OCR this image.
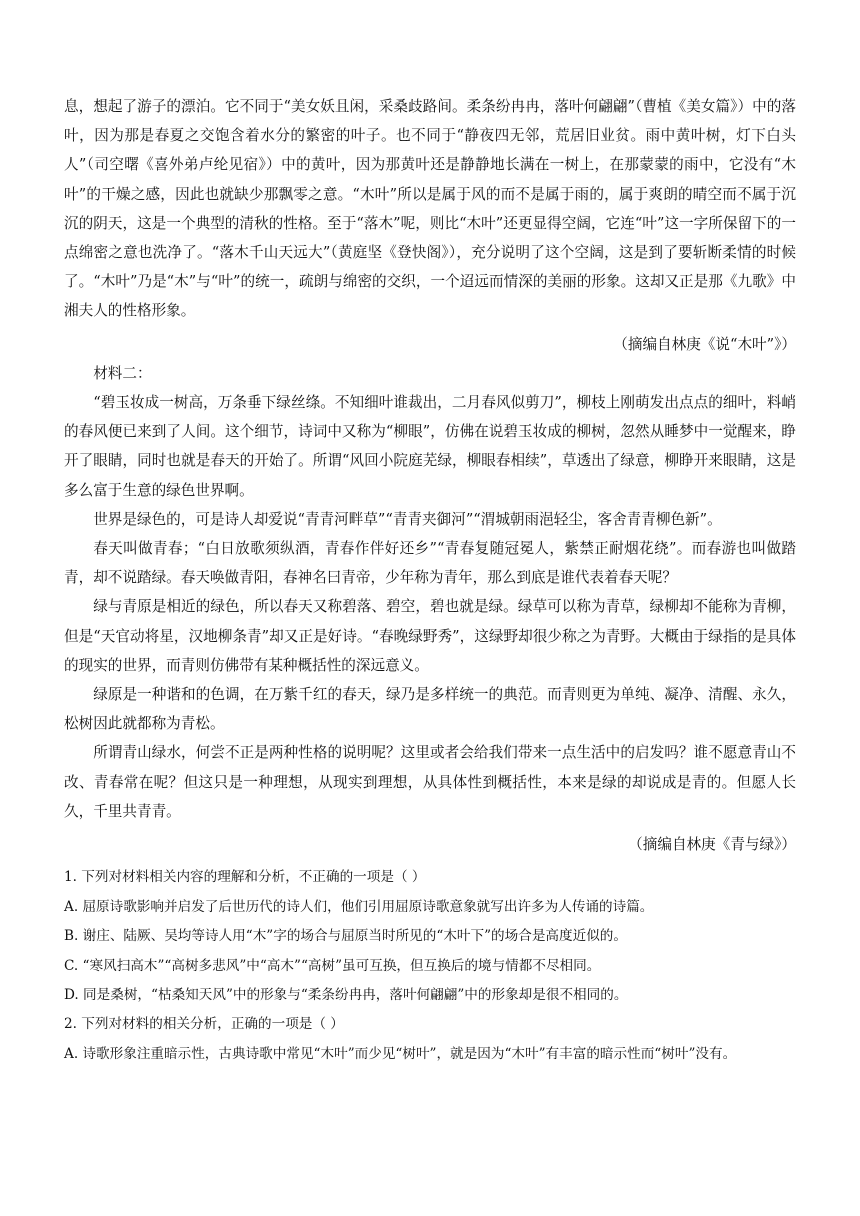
息，想起了游子的漂泊。它不同于“美女妖且闲，采桑歧路间。柔条纷冉冉，落叶何翩翩”（曹植《美女篇》）中的落叶，因为那是春夏之交饱含着水分的繁密的叶子。也不同于“静夜四无邻，荒居旧业贫。雨中黄叶树，灯下白头人”（司空曙《喜外弟卢纶见宿》）中的黄叶，因为那黄叶还是静静地长满在一树上，在那蒙蒙的雨中，它没有“木叶”的干燥之感，因此也就缺少那飘零之意。“木叶”所以是属于风的而不是属于雨的，属于爽朗的晴空而不属于沉沉的阴天，这是一个典型的清秋的性格。至于“落木”呢，则比“木叶”还更显得空阔，它连“叶”这一字所保留下的一点绵密之意也洗净了。“落木千山天远大”（黄庭坚《登快阁》），充分说明了这个空阔，这是到了要斩断柔情的时候了。“木叶”乃是“木”与“叶”的统一，疏朗与绵密的交织，一个迢远而情深的美丽的形象。这却又正是那《九歌》中湘夫人的性格形象。

（摘编自林庚《说“木叶”》）

材料二：

“碧玉妆成一树高，万条垂下绿丝绦。不知细叶谁裁出，二月春风似剪刀”，柳枝上刚萌发出点点的细叶，料峭的春风便已来到了人间。这个细节，诗词中又称为“柳眼”，仿佛在说碧玉妆成的柳树，忽然从睡梦中一觉醒来，睁开了眼睛，同时也就是春天的开始了。所谓“风回小院庭芜绿，柳眼春相续”，草透出了绿意，柳睁开来眼睛，这是多么富于生意的绿色世界啊。

世界是绿色的，可是诗人却爱说“青青河畔草”“青青夹御河”“渭城朝雨浥轻尘，客舍青青柳色新”。

春天叫做青春；“白日放歌须纵酒，青春作伴好还乡”“青春复随冠冕人，紫禁正耐烟花绕”。而春游也叫做踏青，却不说踏绿。春天唤做青阳，春神名曰青帝，少年称为青年，那么到底是谁代表着春天呢？

绿与青原是相近的绿色，所以春天又称碧落、碧空，碧也就是绿。绿草可以称为青草，绿柳却不能称为青柳，但是“天官动将星，汉地柳条青”却又正是好诗。“春晚绿野秀”，这绿野却很少称之为青野。大概由于绿指的是具体的现实的世界，而青则仿佛带有某种概括性的深远意义。

绿原是一种谐和的色调，在万紫千红的春天，绿乃是多样统一的典范。而青则更为单纯、凝净、清醒、永久，松树因此就都称为青松。

所谓青山绿水，何尝不正是两种性格的说明呢？这里或者会给我们带来一点生活中的启发吗？谁不愿意青山不改、青春常在呢？但这只是一种理想，从现实到理想，从具体性到概括性，本来是绿的却说成是青的。但愿人长久，千里共青青。

（摘编自林庚《青与绿》）

1. 下列对材料相关内容的理解和分析，不正确的一项是（ ）

A. 屈原诗歌影响并启发了后世历代的诗人们，他们引用屈原诗歌意象就写出许多为人传诵的诗篇。

B. 谢庄、陆厥、吴均等诗人用“木”字的场合与屈原当时所见的“木叶下”的场合是高度近似的。

C. “寒风扫高木”“高树多悲风”中“高木”“高树”虽可互换，但互换后的境与情都不尽相同。

D. 同是桑树，“枯桑知天风”中的形象与“柔条纷冉冉，落叶何翩翩”中的形象却是很不相同的。

2. 下列对材料的相关分析，正确的一项是（ ）

A. 诗歌形象注重暗示性，古典诗歌中常见“木叶”而少见“树叶”，就是因为“木叶”有丰富的暗示性而“树叶”没有。
